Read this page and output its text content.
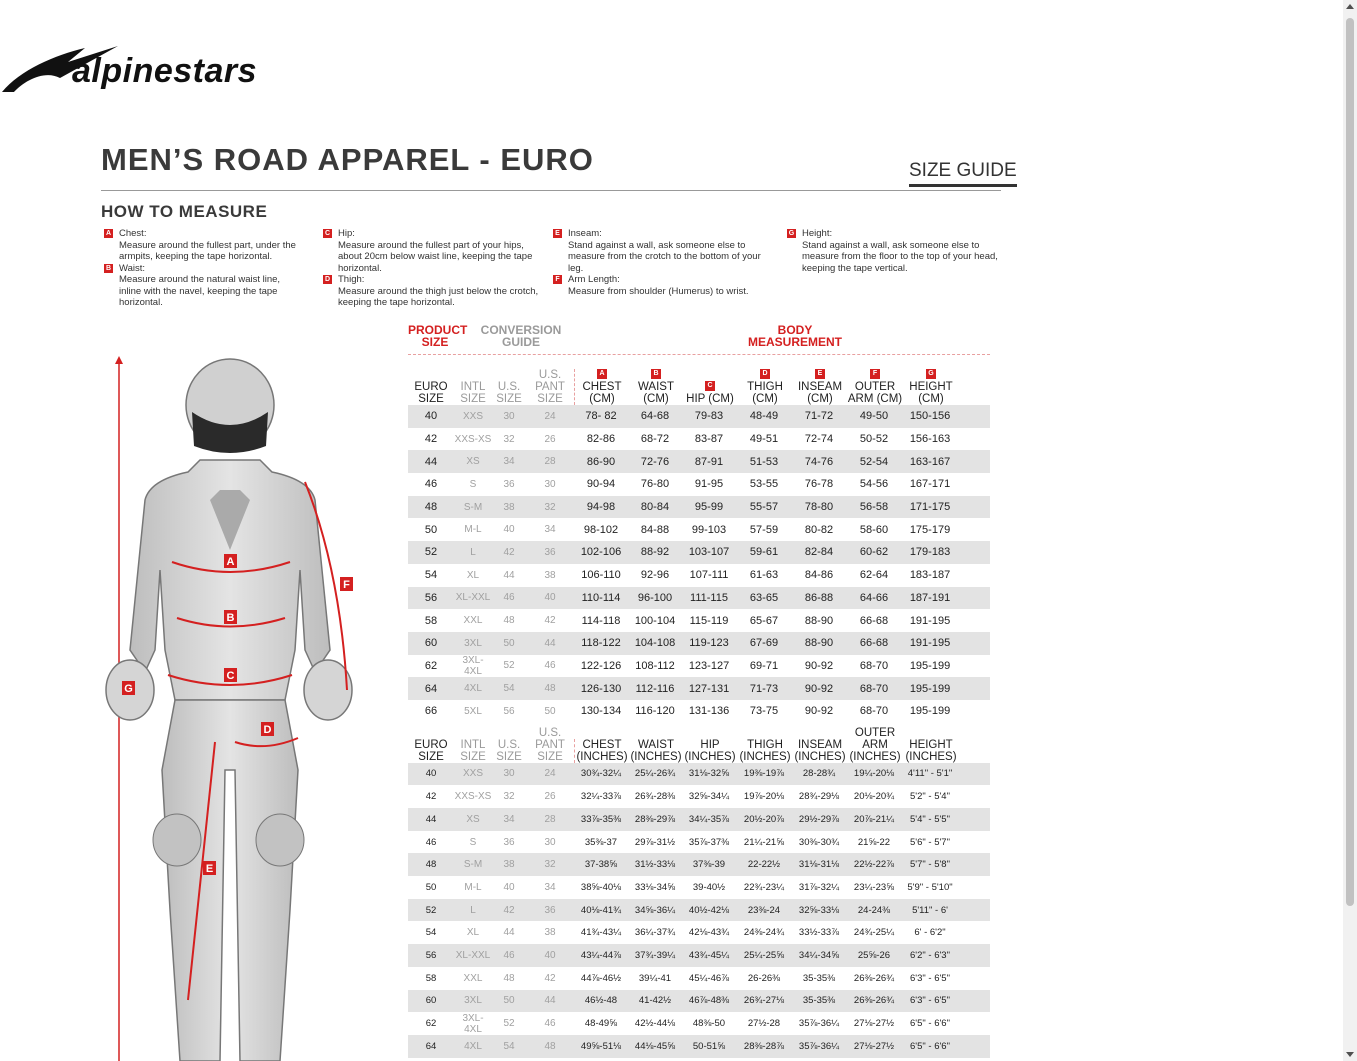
alpinestars
MEN’S ROAD APPAREL - EURO	SIZE GUIDE
HOW TO MEASURE
A Chest:
Measure around the fullest part, under the armpits, keeping the tape horizontal.
B Waist:
Measure around the natural waist line, inline with the navel, keeping the tape horizontal.
C Hip:
Measure around the fullest part of your hips, about 20cm below waist line, keeping the tape horizontal.
D Thigh:
Measure around the thigh just below the crotch, keeping the tape horizontal.
E Inseam:
Stand against a wall, ask someone else to measure from the crotch to the bottom of your leg.
F Arm Length:
Measure from shoulder (Humerus) to wrist.
G Height:
Stand against a wall, ask someone else to measure from the floor to the top of your head, keeping the tape vertical.
A
B
C
D
E
F
G
PRODUCT SIZE
CONVERSION GUIDE
BODY MEASUREMENT
EURO SIZE
INTL SIZE
U.S. SIZE
U.S. PANT SIZE
A
CHEST (CM)
B
WAIST (CM)
C
HIP (CM)
D
THIGH (CM)
E
INSEAM (CM)
F
OUTER ARM (CM)
G
HEIGHT (CM)
40	XXS	30	24	78- 82	64-68	79-83	48-49	71-72	49-50	150-156
42	XXS-XS	32	26	82-86	68-72	83-87	49-51	72-74	50-52	156-163
44	XS	34	28	86-90	72-76	87-91	51-53	74-76	52-54	163-167
46	S	36	30	90-94	76-80	91-95	53-55	76-78	54-56	167-171
48	S-M	38	32	94-98	80-84	95-99	55-57	78-80	56-58	171-175
50	M-L	40	34	98-102	84-88	99-103	57-59	80-82	58-60	175-179
52	L	42	36	102-106	88-92	103-107	59-61	82-84	60-62	179-183
54	XL	44	38	106-110	92-96	107-111	61-63	84-86	62-64	183-187
56	XL-XXL	46	40	110-114	96-100	111-115	63-65	86-88	64-66	187-191
58	XXL	48	42	114-118	100-104	115-119	65-67	88-90	66-68	191-195
60	3XL	50	44	118-122	104-108	119-123	67-69	88-90	66-68	191-195
62	3XL-4XL	52	46	122-126	108-112	123-127	69-71	90-92	68-70	195-199
64	4XL	54	48	126-130	112-116	127-131	71-73	90-92	68-70	195-199
66	5XL	56	50	130-134	116-120	131-136	73-75	90-92	68-70	195-199
EURO SIZE
INTL SIZE
U.S. SIZE
U.S. PANT SIZE
CHEST (INCHES)
WAIST (INCHES)
HIP (INCHES)
THIGH (INCHES)
INSEAM (INCHES)
OUTER ARM (INCHES)
HEIGHT (INCHES)
40	XXS	30	24	30¾-32¼	25¼-26¾	31⅛-32⅝	19⅜-19⅞	28-28¾	19¼-20⅛	4'11" - 5'1"
42	XXS-XS	32	26	32¼-33⅞	26¾-28⅜	32⅝-34¼	19⅞-20⅛	28¾-29⅛	20⅛-20¾	5'2" - 5'4"
44	XS	34	28	33⅞-35⅜	28⅜-29⅞	34¼-35⅞	20½-20⅞	29½-29⅞	20⅞-21¼	5'4" - 5'5"
46	S	36	30	35⅜-37	29⅞-31½	35⅞-37⅜	21¼-21⅝	30⅜-30¾	21⅝-22	5'6" - 5'7"
48	S-M	38	32	37-38⅝	31½-33⅛	37⅜-39	22-22½	31⅛-31⅛	22½-22⅞	5'7" - 5'8"
50	M-L	40	34	38⅝-40⅛	33⅛-34⅝	39-40½	22¾-23¼	31⅞-32¼	23¼-23⅝	5'9" - 5'10"
52	L	42	36	40⅛-41¾	34⅝-36¼	40½-42⅛	23⅜-24	32⅝-33⅛	24-24⅜	5'11" - 6'
54	XL	44	38	41¾-43¼	36¼-37¾	42⅛-43¾	24⅜-24¾	33½-33⅞	24¾-25¼	6' - 6'2"
56	XL-XXL	46	40	43¼-44⅞	37¾-39¼	43¾-45¼	25¼-25⅝	34¼-34⅝	25⅝-26	6'2" - 6'3"
58	XXL	48	42	44⅞-46½	39¼-41	45¼-46⅞	26-26⅜	35-35⅜	26⅜-26¾	6'3" - 6'5"
60	3XL	50	44	46½-48	41-42½	46⅞-48⅜	26¾-27⅛	35-35⅜	26⅜-26¾	6'3" - 6'5"
62	3XL-4XL	52	46	48-49⅝	42½-44⅛	48⅜-50	27½-28	35⅞-36¼	27⅛-27½	6'5" - 6'6"
64	4XL	54	48	49⅝-51⅛	44⅛-45⅝	50-51⅝	28⅜-28⅞	35⅞-36¼	27⅛-27½	6'5" - 6'6"
